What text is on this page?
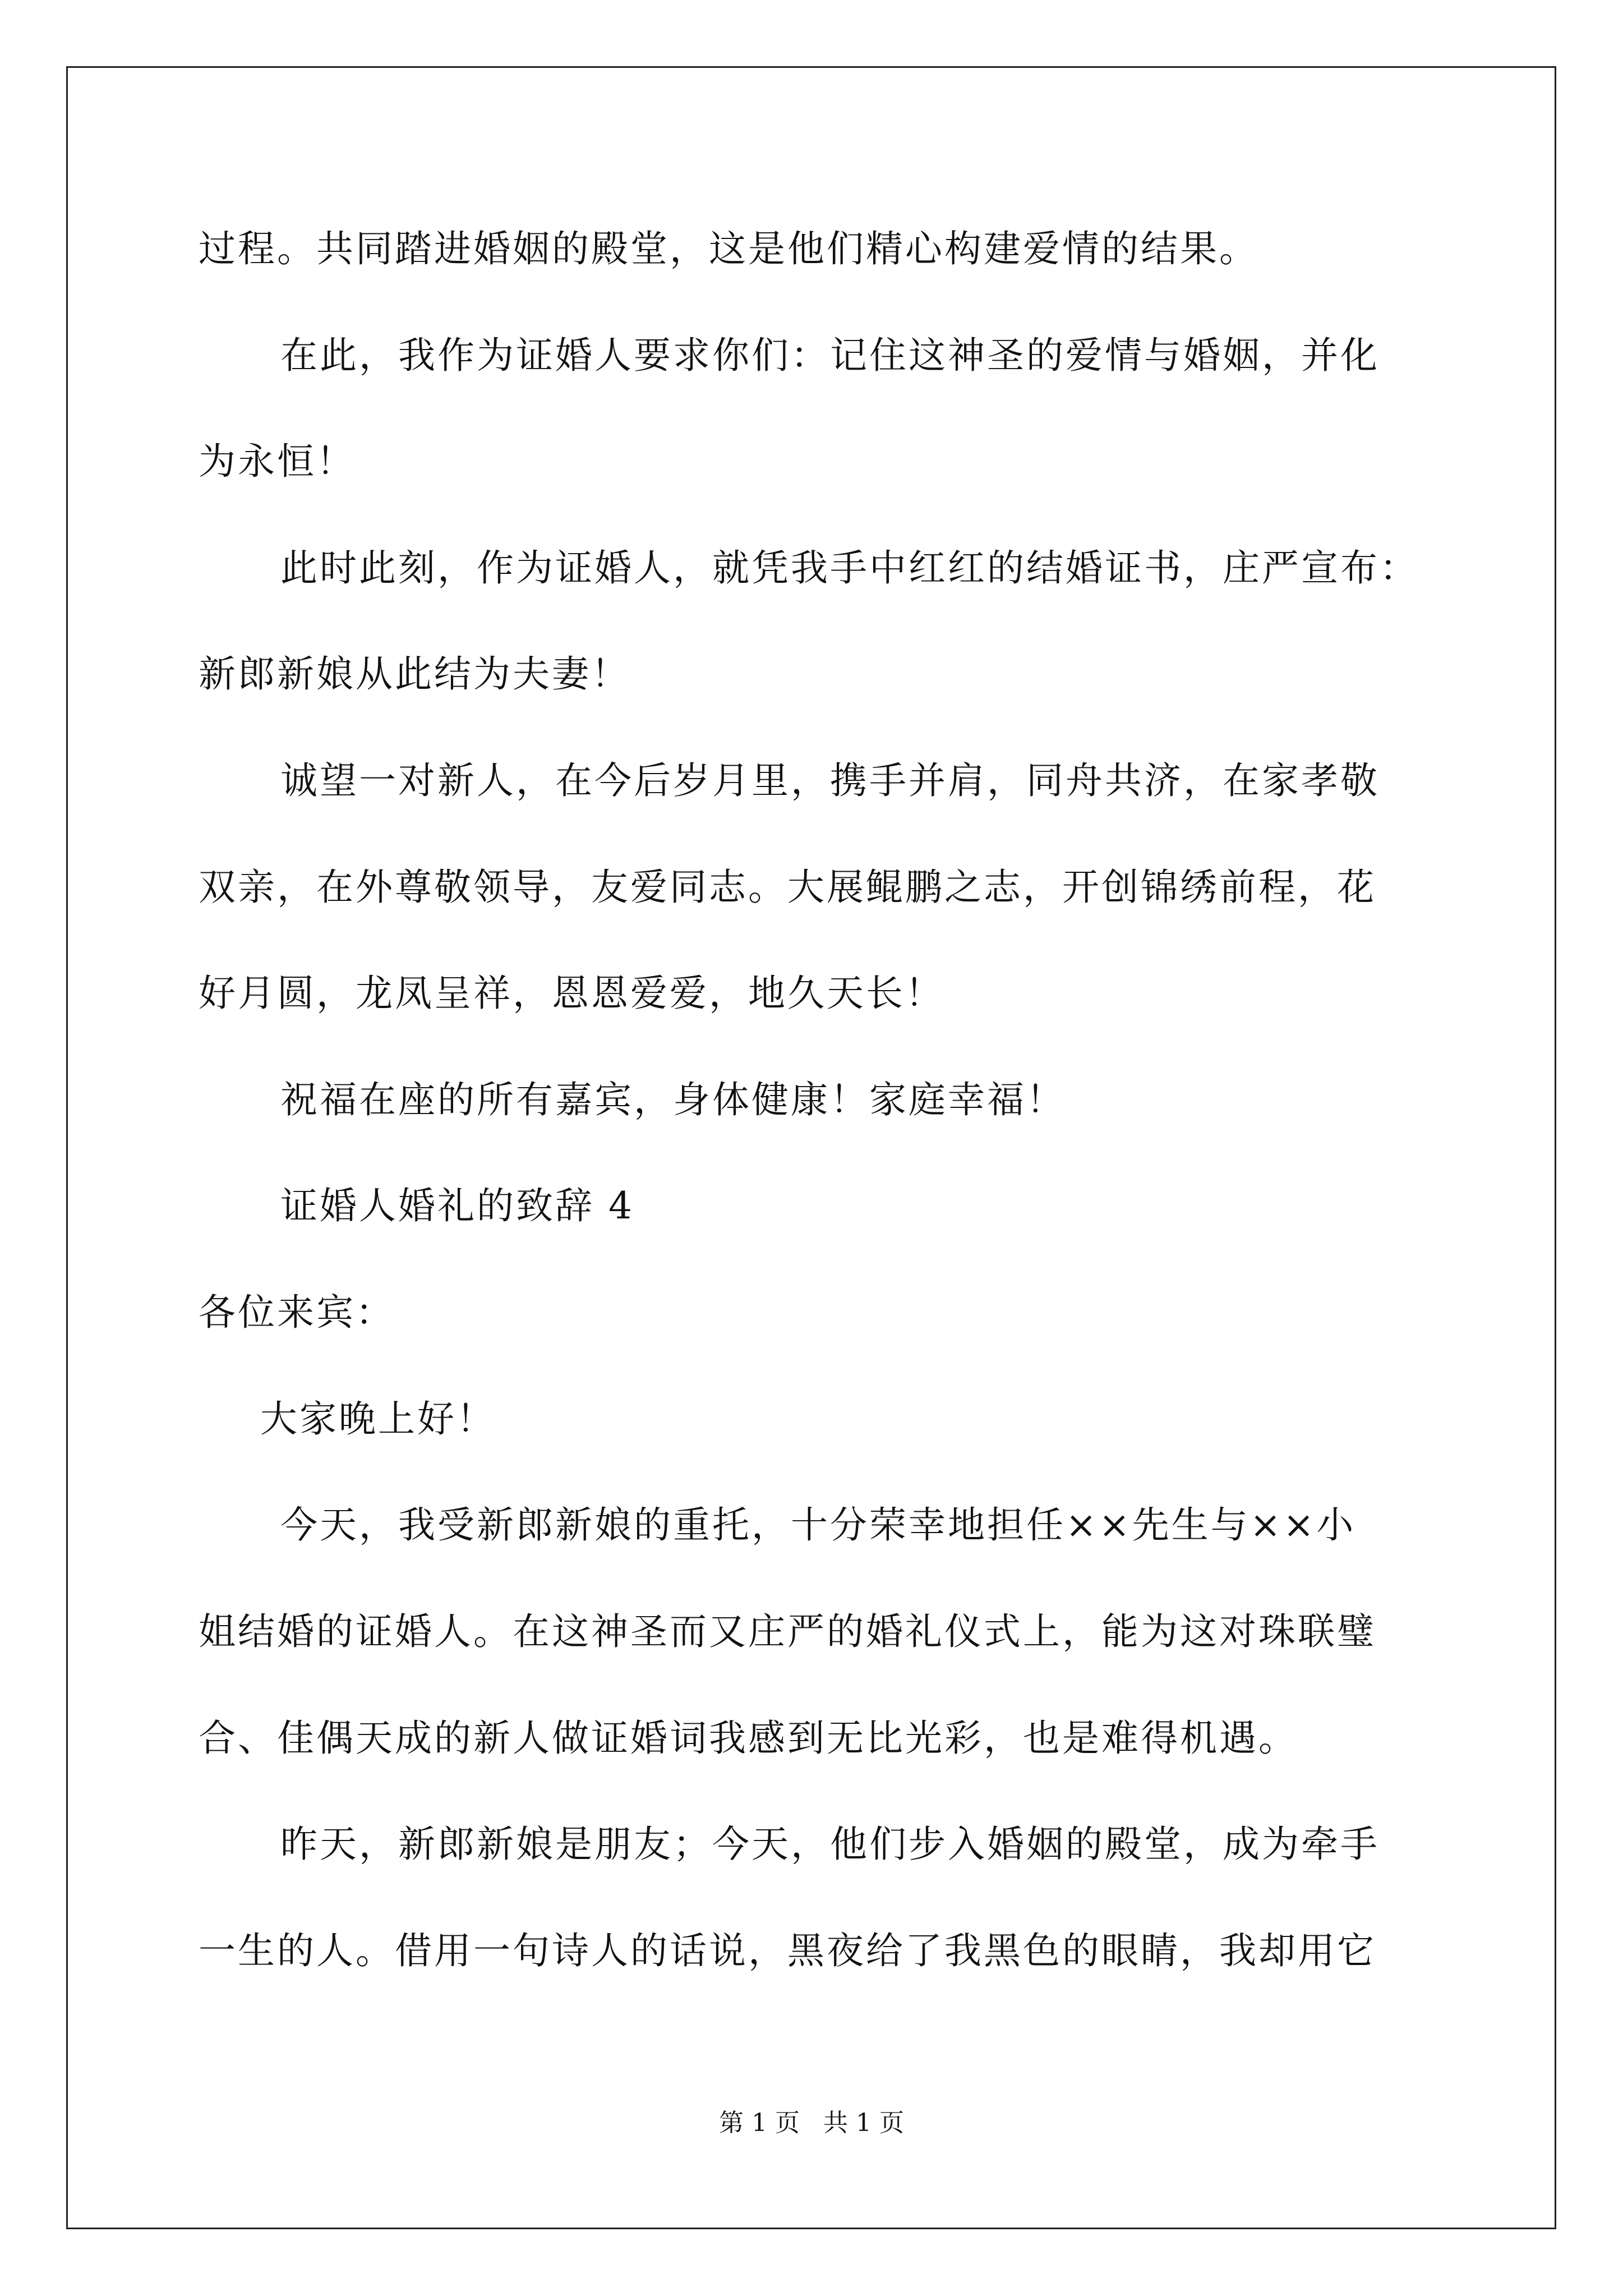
过程。共同踏进婚姻的殿堂，这是他们精心构建爱情的结果。
在此，我作为证婚人要求你们：记住这神圣的爱情与婚姻，并化
为永恒！
此时此刻，作为证婚人，就凭我手中红红的结婚证书，庄严宣布：
新郎新娘从此结为夫妻！
诚望一对新人，在今后岁月里，携手并肩，同舟共济，在家孝敬
双亲，在外尊敬领导，友爱同志。大展鲲鹏之志，开创锦绣前程，花
好月圆，龙凤呈祥，恩恩爱爱，地久天长！
祝福在座的所有嘉宾，身体健康！家庭幸福！
证婚人婚礼的致辞 4
各位来宾：
大家晚上好！
今天，我受新郎新娘的重托，十分荣幸地担任××先生与××小
姐结婚的证婚人。在这神圣而又庄严的婚礼仪式上，能为这对珠联璧
合、佳偶天成的新人做证婚词我感到无比光彩，也是难得机遇。
昨天，新郎新娘是朋友；今天，他们步入婚姻的殿堂，成为牵手
一生的人。借用一句诗人的话说，黑夜给了我黑色的眼睛，我却用它
第 1 页   共 1 页
